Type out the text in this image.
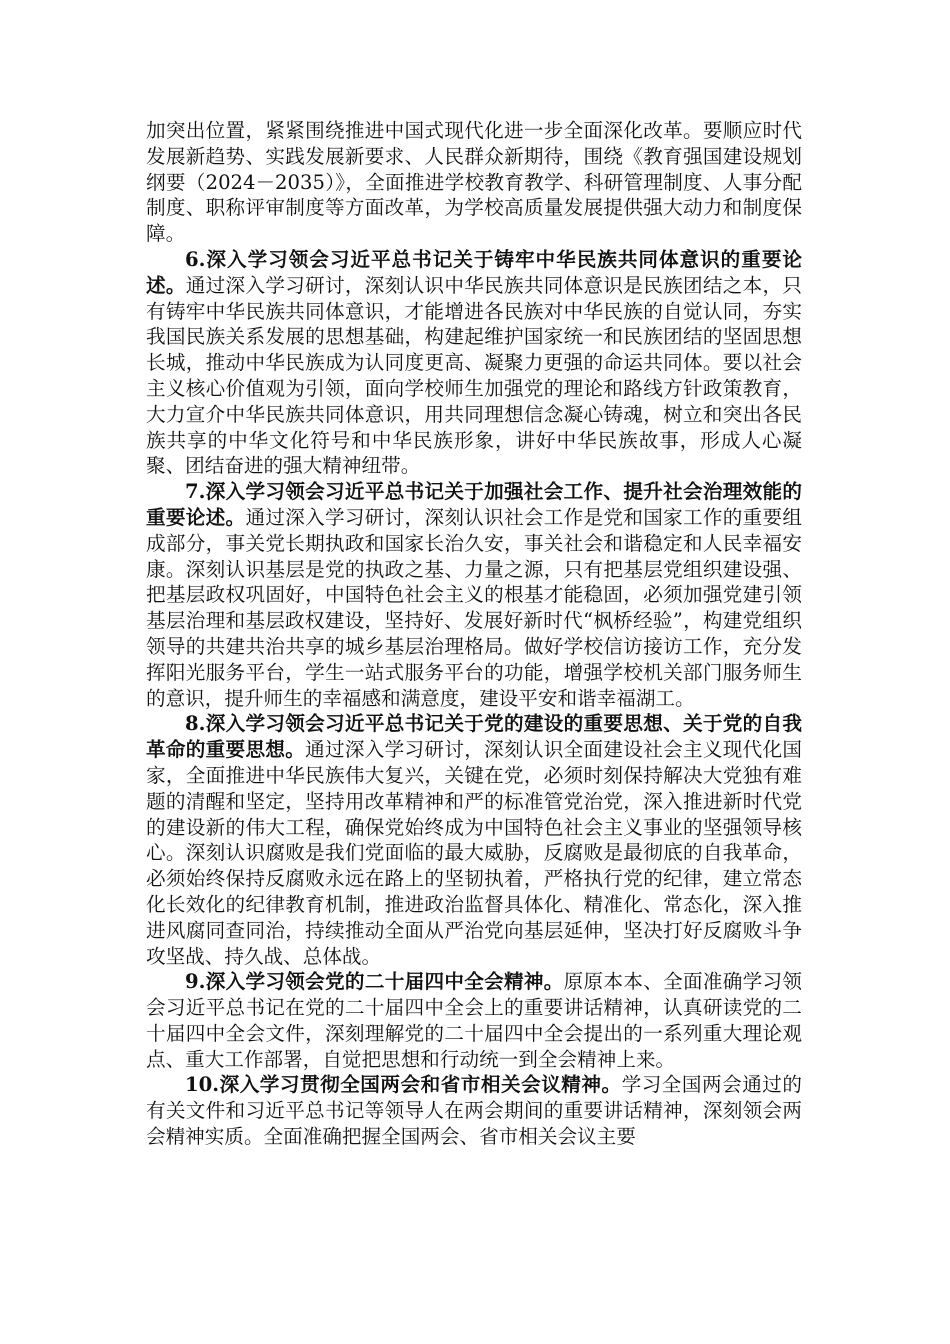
加突出位置，紧紧围绕推进中国式现代化进一步全面深化改革。要顺应时代发展新趋势、实践发展新要求、人民群众新期待，围绕《教育强国建设规划纲要（2024－2035）》，全面推进学校教育教学、科研管理制度、人事分配制度、职称评审制度等方面改革，为学校高质量发展提供强大动力和制度保障。

6.深入学习领会习近平总书记关于铸牢中华民族共同体意识的重要论述。通过深入学习研讨，深刻认识中华民族共同体意识是民族团结之本，只有铸牢中华民族共同体意识，才能增进各民族对中华民族的自觉认同，夯实我国民族关系发展的思想基础，构建起维护国家统一和民族团结的坚固思想长城，推动中华民族成为认同度更高、凝聚力更强的命运共同体。要以社会主义核心价值观为引领，面向学校师生加强党的理论和路线方针政策教育，大力宣介中华民族共同体意识，用共同理想信念凝心铸魂，树立和突出各民族共享的中华文化符号和中华民族形象，讲好中华民族故事，形成人心凝聚、团结奋进的强大精神纽带。

7.深入学习领会习近平总书记关于加强社会工作、提升社会治理效能的重要论述。通过深入学习研讨，深刻认识社会工作是党和国家工作的重要组成部分，事关党长期执政和国家长治久安，事关社会和谐稳定和人民幸福安康。深刻认识基层是党的执政之基、力量之源，只有把基层党组织建设强、把基层政权巩固好，中国特色社会主义的根基才能稳固，必须加强党建引领基层治理和基层政权建设，坚持好、发展好新时代“枫桥经验”，构建党组织领导的共建共治共享的城乡基层治理格局。做好学校信访接访工作，充分发挥阳光服务平台，学生一站式服务平台的功能，增强学校机关部门服务师生的意识，提升师生的幸福感和满意度，建设平安和谐幸福湖工。

8.深入学习领会习近平总书记关于党的建设的重要思想、关于党的自我革命的重要思想。通过深入学习研讨，深刻认识全面建设社会主义现代化国家，全面推进中华民族伟大复兴，关键在党，必须时刻保持解决大党独有难题的清醒和坚定，坚持用改革精神和严的标准管党治党，深入推进新时代党的建设新的伟大工程，确保党始终成为中国特色社会主义事业的坚强领导核心。深刻认识腐败是我们党面临的最大威胁，反腐败是最彻底的自我革命，必须始终保持反腐败永远在路上的坚韧执着，严格执行党的纪律，建立常态化长效化的纪律教育机制，推进政治监督具体化、精准化、常态化，深入推进风腐同查同治，持续推动全面从严治党向基层延伸，坚决打好反腐败斗争攻坚战、持久战、总体战。

9.深入学习领会党的二十届四中全会精神。原原本本、全面准确学习领会习近平总书记在党的二十届四中全会上的重要讲话精神，认真研读党的二十届四中全会文件，深刻理解党的二十届四中全会提出的一系列重大理论观点、重大工作部署，自觉把思想和行动统一到全会精神上来。

10.深入学习贯彻全国两会和省市相关会议精神。学习全国两会通过的有关文件和习近平总书记等领导人在两会期间的重要讲话精神，深刻领会两会精神实质。全面准确把握全国两会、省市相关会议主要
